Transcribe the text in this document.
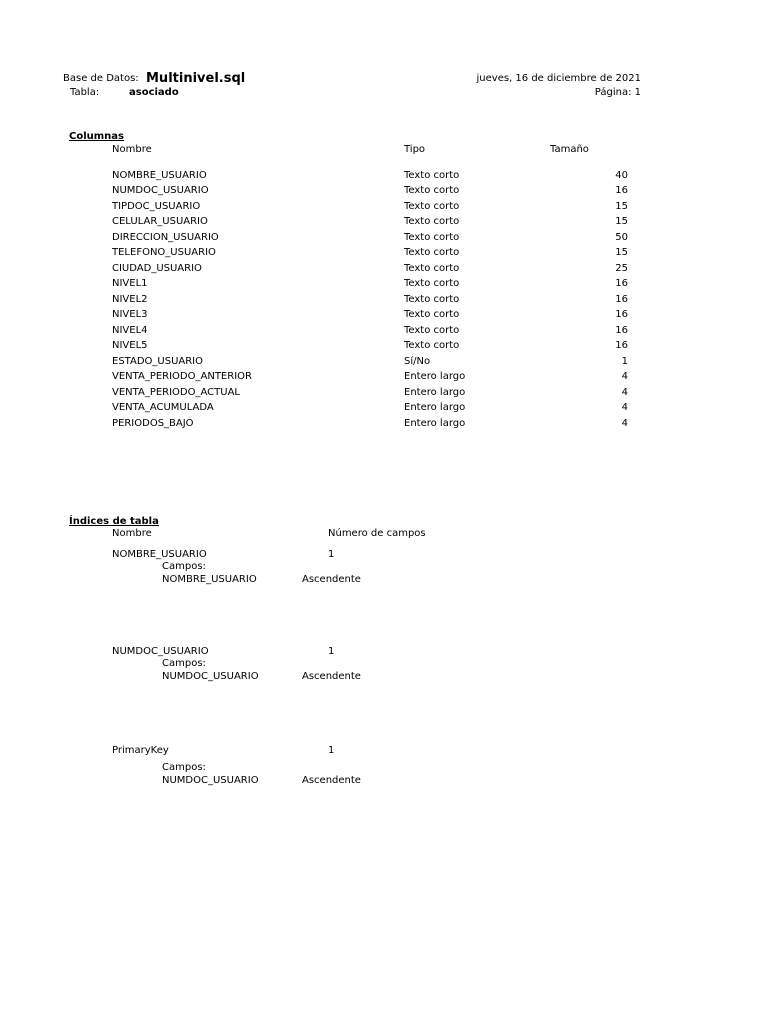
Base de Datos: Multinivel.sql
Tabla:	asociado
jueves, 16 de diciembre de 2021
Página: 1
Columnas
Nombre	Tipo	Tamaño
NOMBRE_USUARIO	Texto corto	40
NUMDOC_USUARIO	Texto corto	16
TIPDOC_USUARIO	Texto corto	15
CELULAR_USUARIO	Texto corto	15
DIRECCION_USUARIO	Texto corto	50
TELEFONO_USUARIO	Texto corto	15
CIUDAD_USUARIO	Texto corto	25
NIVEL1	Texto corto	16
NIVEL2	Texto corto	16
NIVEL3	Texto corto	16
NIVEL4	Texto corto	16
NIVEL5	Texto corto	16
ESTADO_USUARIO	Sí/No	1
VENTA_PERIODO_ANTERIOR	Entero largo	4
VENTA_PERIODO_ACTUAL	Entero largo	4
VENTA_ACUMULADA	Entero largo	4
PERIODOS_BAJO	Entero largo	4
Índices de tabla
Nombre	Número de campos
NOMBRE_USUARIO	1
Campos:
NOMBRE_USUARIO	Ascendente
NUMDOC_USUARIO	1
Campos:
NUMDOC_USUARIO	Ascendente
PrimaryKey	1
Campos:
NUMDOC_USUARIO	Ascendente
